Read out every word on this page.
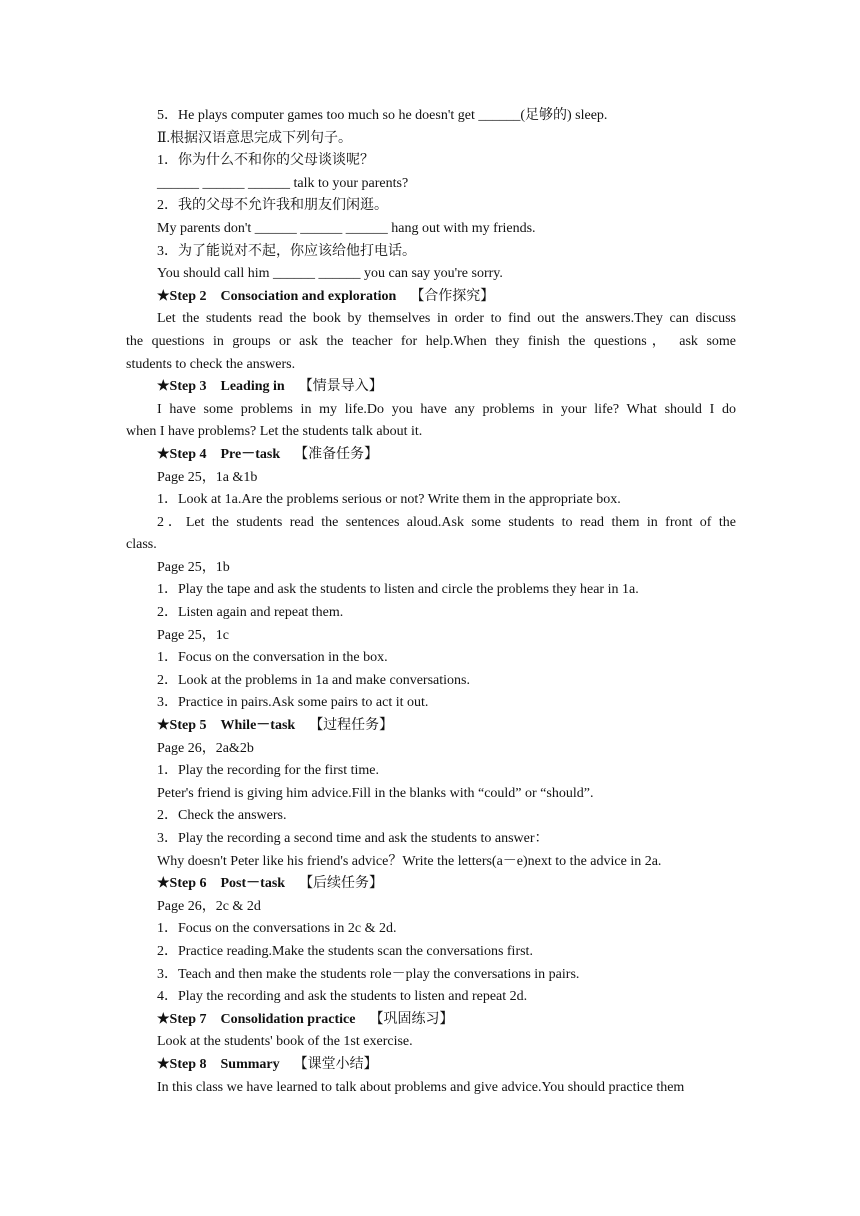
5．He plays computer games too much so he doesn't get ______(足够的) sleep.
Ⅱ.根据汉语意思完成下列句子。
1．你为什么不和你的父母谈谈呢？
______ ______ ______ talk to your parents?
2．我的父母不允许我和朋友们闲逛。
My parents don't ______ ______ ______ hang out with my friends.
3．为了能说对不起，你应该给他打电话。
You should call him ______ ______ you can say you're sorry.
★Step 2　Consociation and exploration 【合作探究】
Let the students read the book by themselves in order to find out the answers.They can discuss
the questions in groups or ask the teacher for help.When they finish the questions， ask some
students to check the answers.
★Step 3　Leading in 【情景导入】
I have some problems in my life.Do you have any problems in your life? What should I do
when I have problems? Let the students talk about it.
★Step 4　Pre－task 【准备任务】
Page 25，1a &1b
1．Look at 1a.Are the problems serious or not? Write them in the appropriate box.
2．Let the students read the sentences aloud.Ask some students to read them in front of the
class.
Page 25，1b
1．Play the tape and ask the students to listen and circle the problems they hear in 1a.
2．Listen again and repeat them.
Page 25，1c
1．Focus on the conversation in the box.
2．Look at the problems in 1a and make conversations.
3．Practice in pairs.Ask some pairs to act it out.
★Step 5　While－task 【过程任务】
Page 26，2a&2b
1．Play the recording for the first time.
Peter's friend is giving him advice.Fill in the blanks with “could” or “should”.
2．Check the answers.
3．Play the recording a second time and ask the students to answer：
Why doesn't Peter like his friend's advice？Write the letters(a－e)next to the advice in 2a.
★Step 6　Post－task 【后续任务】
Page 26，2c & 2d
1．Focus on the conversations in 2c & 2d.
2．Practice reading.Make the students scan the conversations first.
3．Teach and then make the students role－play the conversations in pairs.
4．Play the recording and ask the students to listen and repeat 2d.
★Step 7　Consolidation practice 【巩固练习】
Look at the students' book of the 1st exercise.
★Step 8　Summary 【课堂小结】
In this class we have learned to talk about problems and give advice.You should practice them
